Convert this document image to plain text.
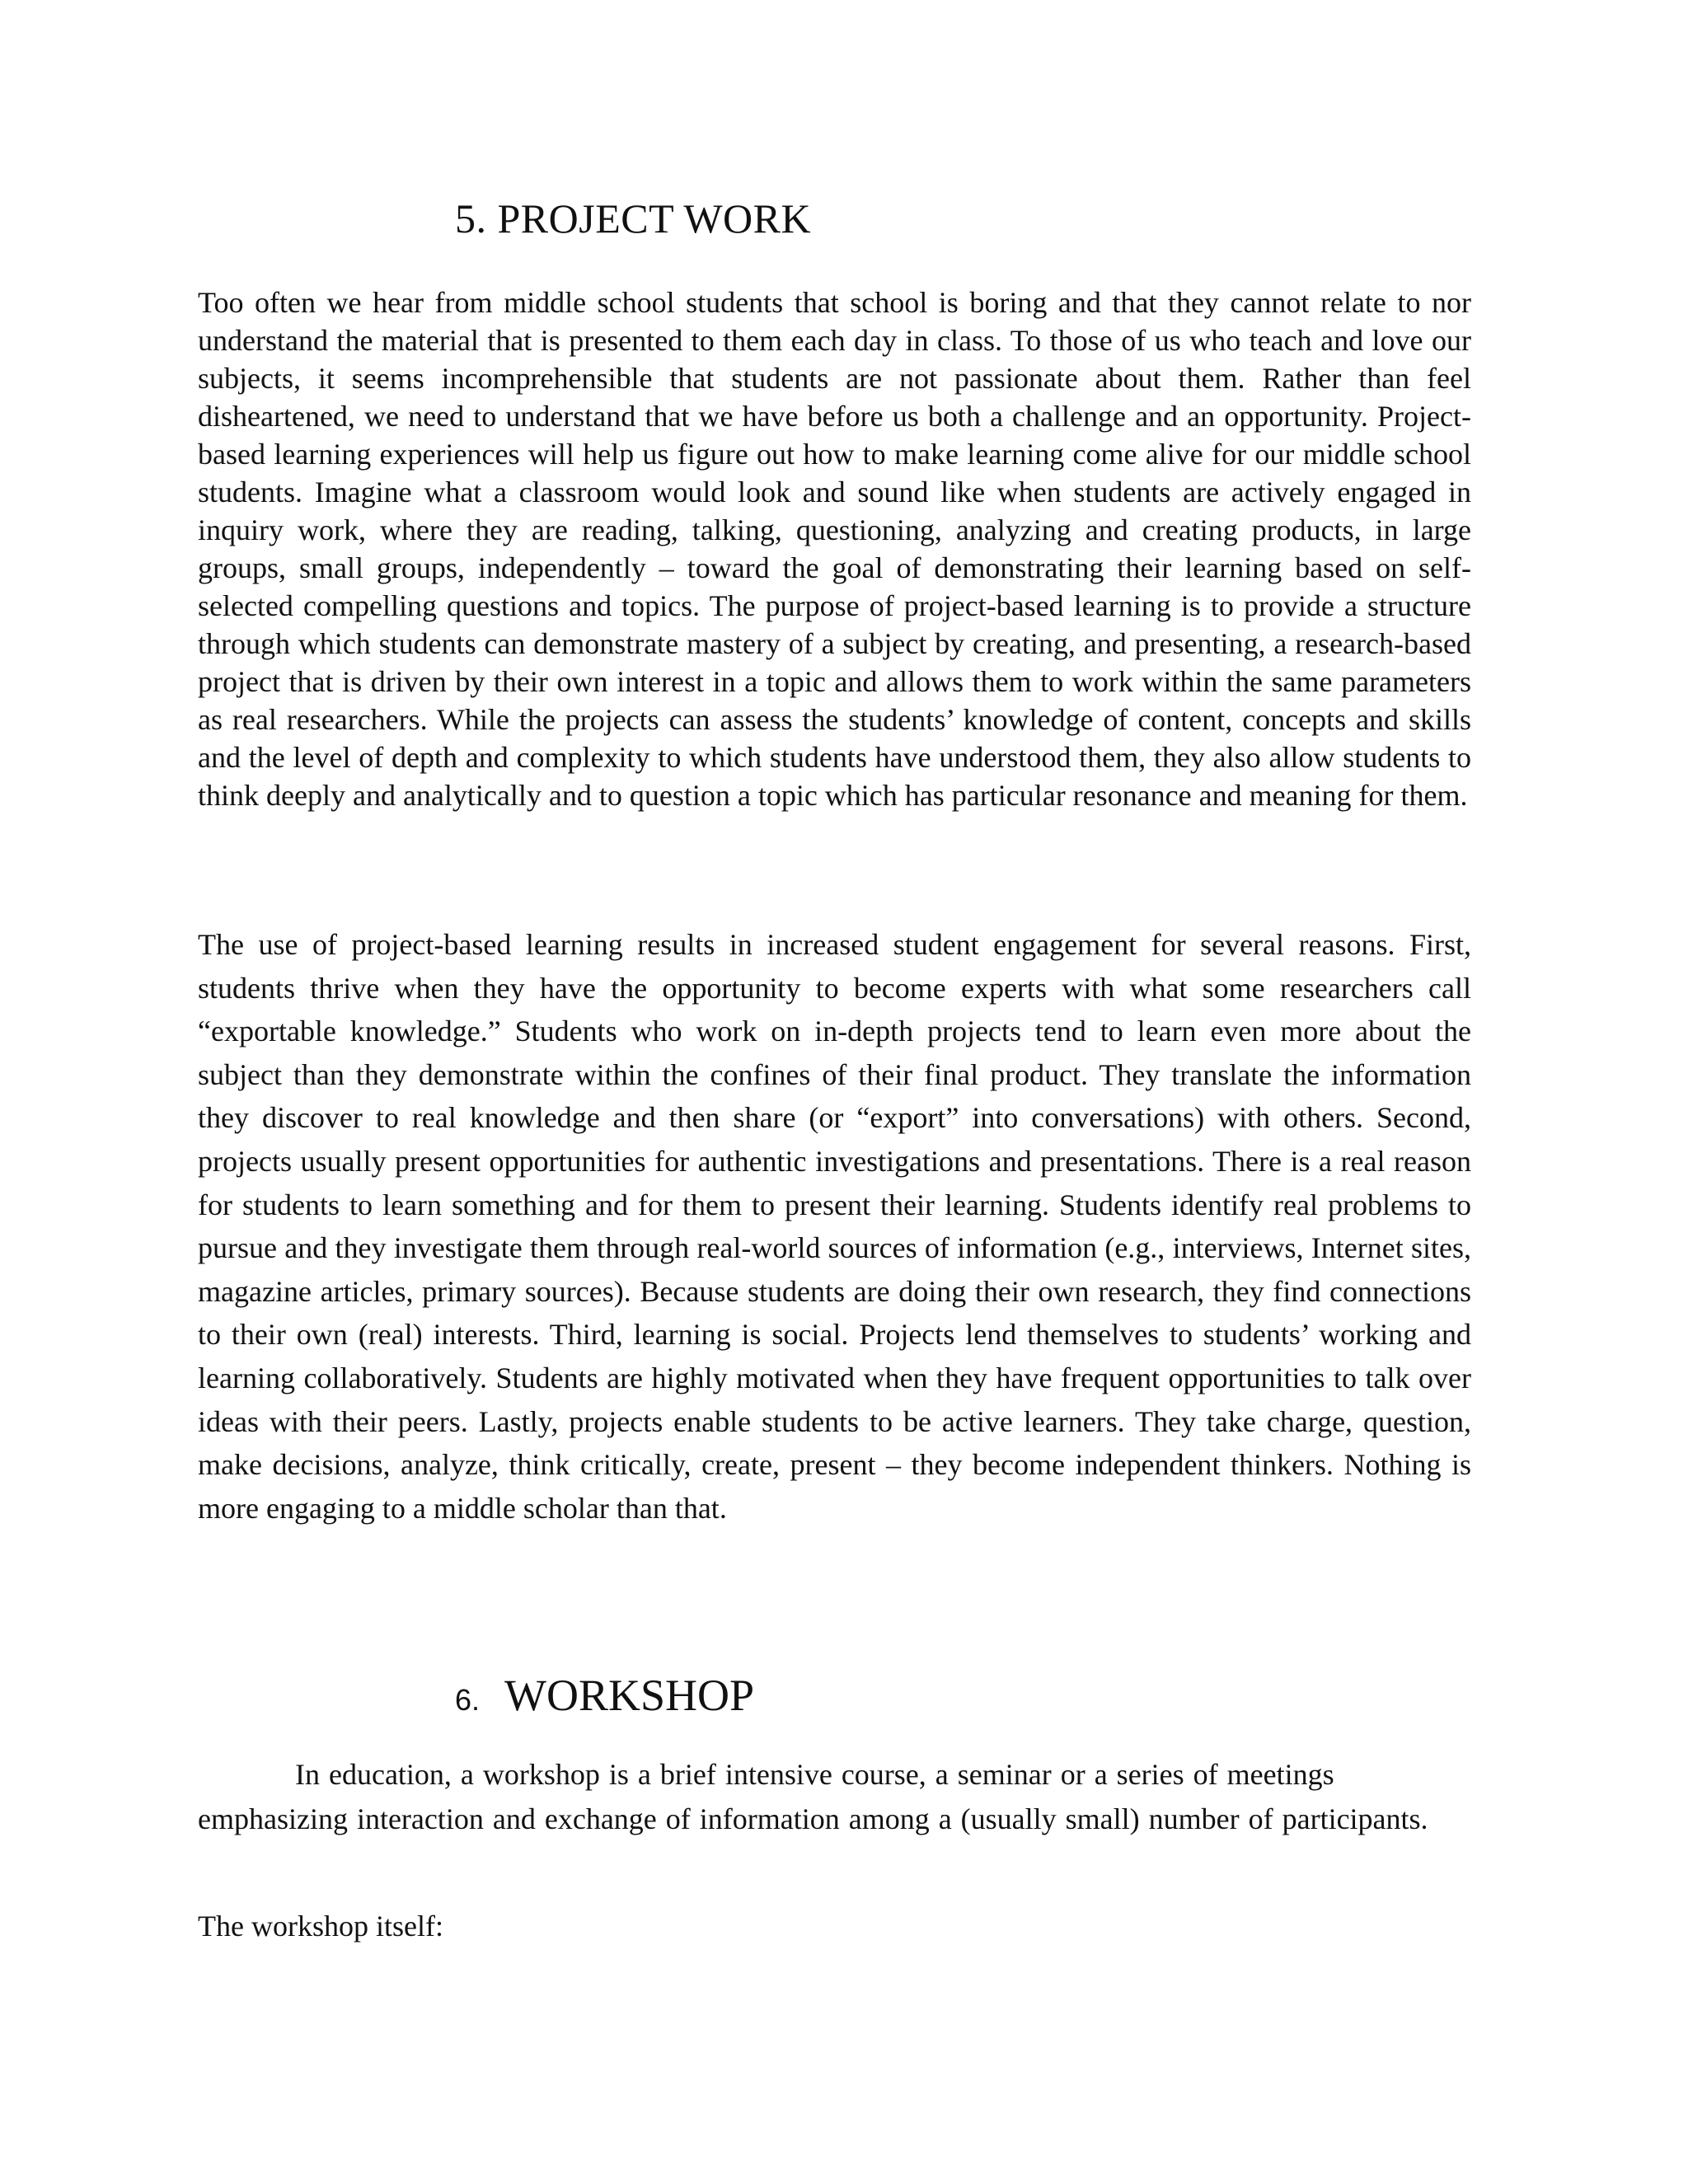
5. PROJECT WORK

Too often we hear from middle school students that school is boring and that they cannot relate to nor understand the material that is presented to them each day in class. To those of us who teach and love our subjects, it seems incomprehensible that students are not passionate about them. Rather than feel disheartened, we need to understand that we have before us both a challenge and an opportunity. Project-based learning experiences will help us figure out how to make learning come alive for our middle school students. Imagine what a classroom would look and sound like when students are actively engaged in inquiry work, where they are reading, talking, questioning, analyzing and creating products, in large groups, small groups, independently – toward the goal of demonstrating their learning based on self-selected compelling questions and topics. The purpose of project-based learning is to provide a structure through which students can demonstrate mastery of a subject by creating, and presenting, a research-based project that is driven by their own interest in a topic and allows them to work within the same parameters as real researchers. While the projects can assess the students’ knowledge of content, concepts and skills and the level of depth and complexity to which students have understood them, they also allow students to think deeply and analytically and to question a topic which has particular resonance and meaning for them.

The use of project-based learning results in increased student engagement for several reasons. First, students thrive when they have the opportunity to become experts with what some researchers call “exportable knowledge.” Students who work on in-depth projects tend to learn even more about the subject than they demonstrate within the confines of their final product. They translate the information they discover to real knowledge and then share (or “export” into conversations) with others. Second, projects usually present opportunities for authentic investigations and presentations. There is a real reason for students to learn something and for them to present their learning. Students identify real problems to pursue and they investigate them through real-world sources of information (e.g., interviews, Internet sites, magazine articles, primary sources). Because students are doing their own research, they find connections to their own (real) interests. Third, learning is social. Projects lend themselves to students’ working and learning collaboratively. Students are highly motivated when they have frequent opportunities to talk over ideas with their peers. Lastly, projects enable students to be active learners. They take charge, question, make decisions, analyze, think critically, create, present – they become independent thinkers. Nothing is more engaging to a middle scholar than that.

6. WORKSHOP

In education, a workshop is a brief intensive course, a seminar or a series of meetings emphasizing interaction and exchange of information among a (usually small) number of participants.

The workshop itself:
